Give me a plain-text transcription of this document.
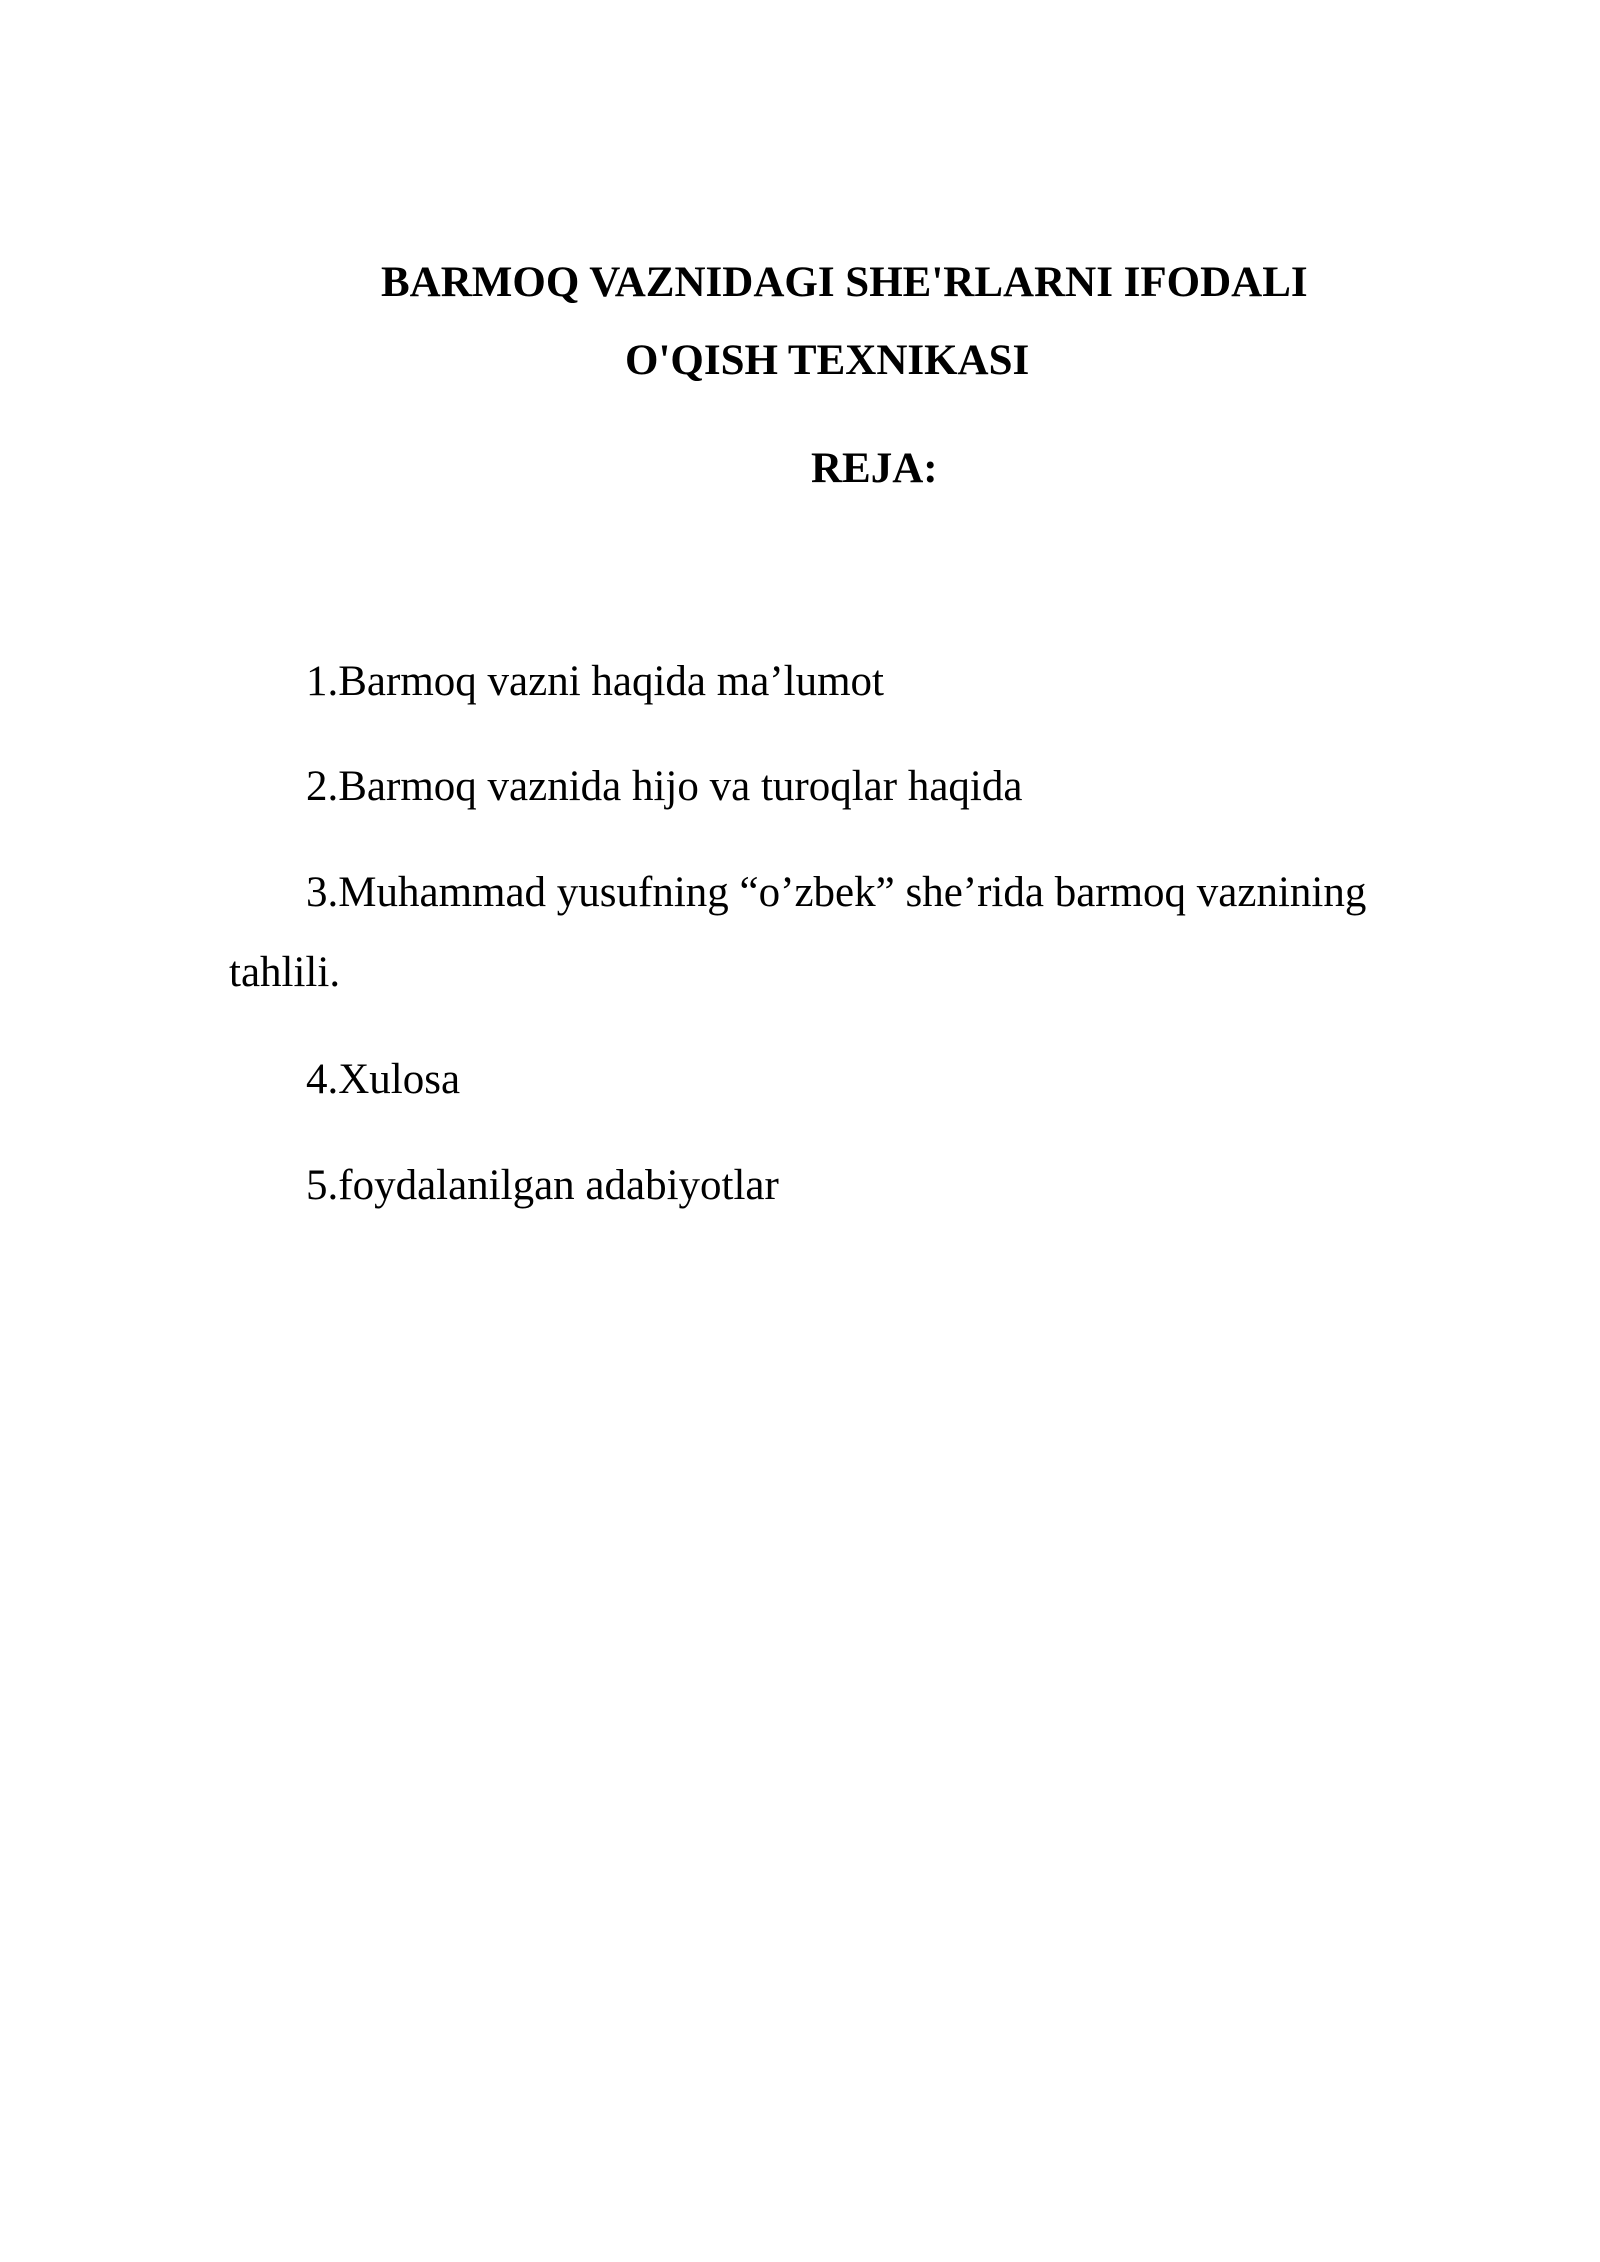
BARMOQ VAZNIDAGI SHE'RLARNI IFODALI
O'QISH TEXNIKASI
REJA:
1.Barmoq vazni haqida ma’lumot
2.Barmoq vaznida hijo va turoqlar haqida
3.Muhammad yusufning “o’zbek” she’rida barmoq vaznining
tahlili.
4.Xulosa
5.foydalanilgan adabiyotlar
